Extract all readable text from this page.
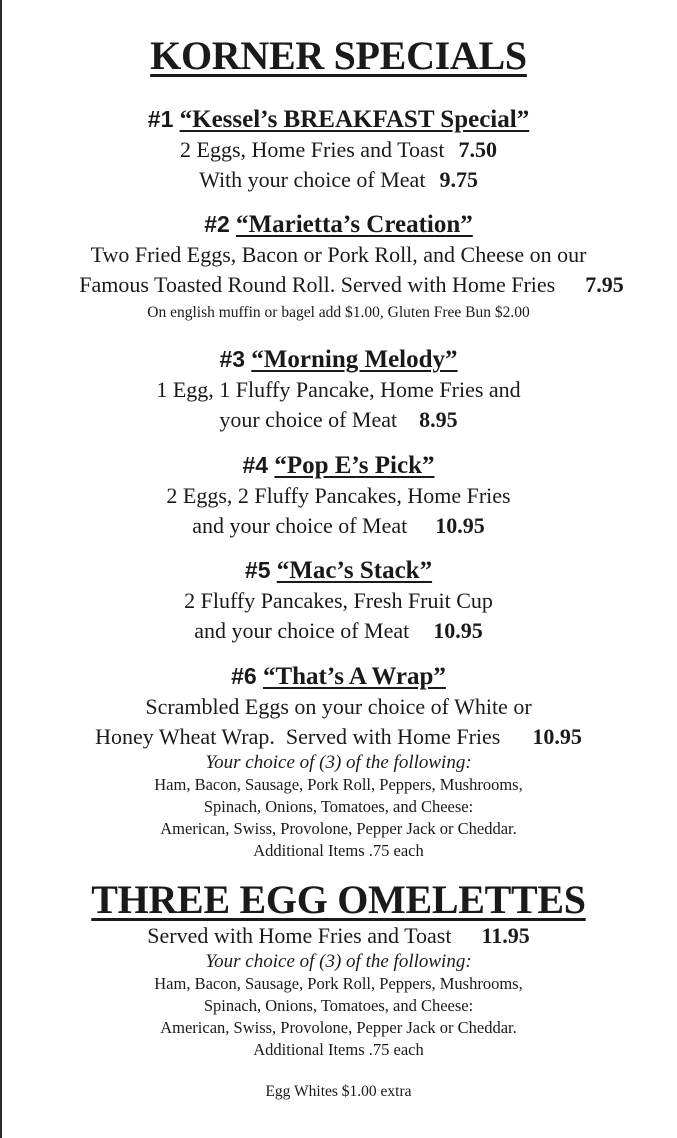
KORNER SPECIALS

#1 “Kessel’s BREAKFAST Special”

2 Eggs, Home Fries and Toast 7.50

With your choice of Meat 9.75

#2 “Marietta’s Creation”

Two Fried Eggs, Bacon or Pork Roll, and Cheese on our

Famous Toasted Round Roll. Served with Home Fries 7.95

On english muffin or bagel add $1.00, Gluten Free Bun $2.00

#3 “Morning Melody”

1 Egg, 1 Fluffy Pancake, Home Fries and

your choice of Meat 8.95

#4 “Pop E’s Pick”

2 Eggs, 2 Fluffy Pancakes, Home Fries

and your choice of Meat 10.95

#5 “Mac’s Stack”

2 Fluffy Pancakes, Fresh Fruit Cup

and your choice of Meat 10.95

#6 “That’s A Wrap”

Scrambled Eggs on your choice of White or

Honey Wheat Wrap.  Served with Home Fries 10.95

Your choice of (3) of the following:

Ham, Bacon, Sausage, Pork Roll, Peppers, Mushrooms,

Spinach, Onions, Tomatoes, and Cheese:

American, Swiss, Provolone, Pepper Jack or Cheddar.

Additional Items .75 each

THREE EGG OMELETTES

Served with Home Fries and Toast 11.95

Your choice of (3) of the following:

Ham, Bacon, Sausage, Pork Roll, Peppers, Mushrooms,

Spinach, Onions, Tomatoes, and Cheese:

American, Swiss, Provolone, Pepper Jack or Cheddar.

Additional Items .75 each

Egg Whites $1.00 extra
